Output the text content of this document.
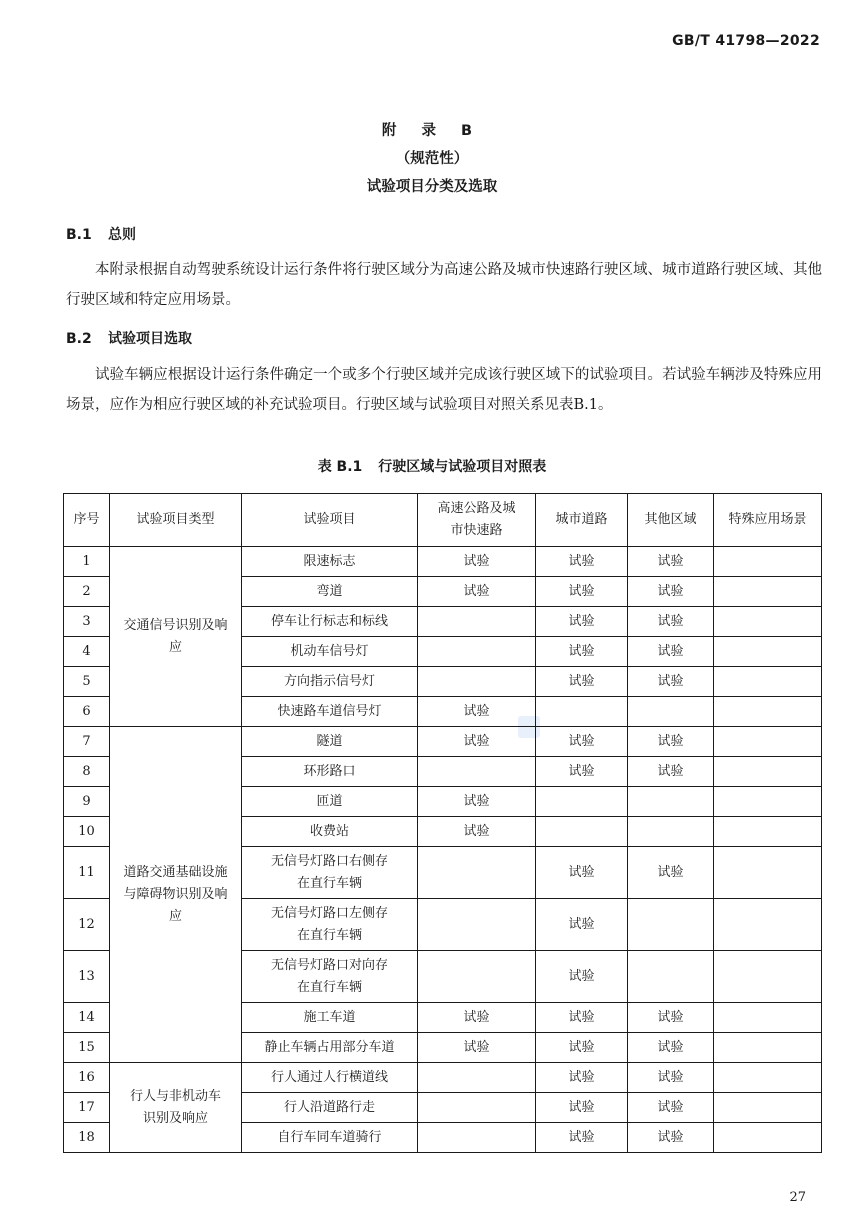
GB/T 41798—2022
附 录 B
（规范性）
试验项目分类及选取
B.1 总则
本附录根据自动驾驶系统设计运行条件将行驶区域分为高速公路及城市快速路行驶区域、城市道路行驶区域、其他行驶区域和特定应用场景。
B.2 试验项目选取
试验车辆应根据设计运行条件确定一个或多个行驶区域并完成该行驶区域下的试验项目。若试验车辆涉及特殊应用场景，应作为相应行驶区域的补充试验项目。行驶区域与试验项目对照关系见表B.1。
表 B.1 行驶区域与试验项目对照表
序号	试验项目类型	试验项目	高速公路及城市快速路	城市道路	其他区域	特殊应用场景
1	交通信号识别及响应	限速标志	试验	试验	试验	
2		弯道	试验	试验	试验	
3		停车让行标志和标线		试验	试验	
4		机动车信号灯		试验	试验	
5		方向指示信号灯		试验	试验	
6		快速路车道信号灯	试验			
7	道路交通基础设施与障碍物识别及响应	隧道	试验	试验	试验	
8		环形路口		试验	试验	
9		匝道	试验			
10		收费站	试验			
11		无信号灯路口右侧存在直行车辆		试验	试验	
12		无信号灯路口左侧存在直行车辆		试验		
13		无信号灯路口对向存在直行车辆		试验		
14		施工车道	试验	试验	试验	
15		静止车辆占用部分车道	试验	试验	试验	
16	行人与非机动车识别及响应	行人通过人行横道线		试验	试验	
17		行人沿道路行走		试验	试验	
18		自行车同车道骑行		试验	试验	
27
